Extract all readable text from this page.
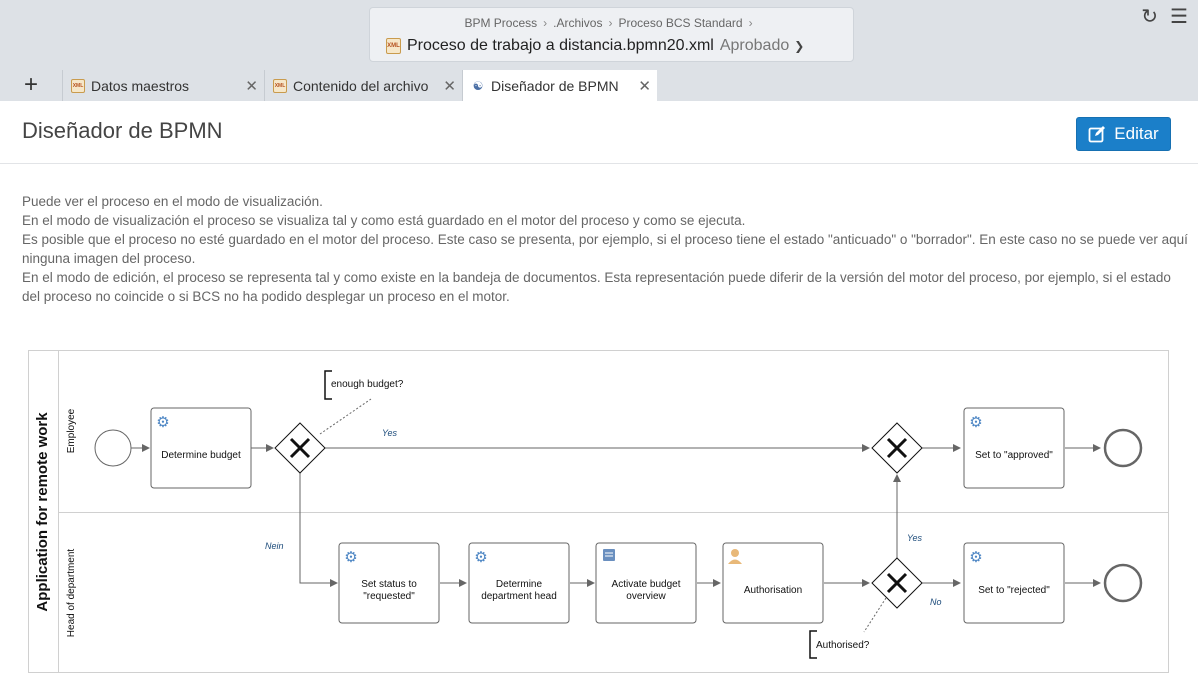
BPM Process › .Archivos › Proceso BCS Standard ›
XML Proceso de trabajo a distancia.bpmn20.xml Aprobado ❯
↻ ☰
+	XML Datos maestros	✕	XML Contenido del archivo ✕ ☯ Diseñador de BPMN ✕
Diseñador de BPMN	Editar
Puede ver el proceso en el modo de visualización.
En el modo de visualización el proceso se visualiza tal y como está guardado en el motor del proceso y como se ejecuta.
Es posible que el proceso no esté guardado en el motor del proceso. Este caso se presenta, por ejemplo, si el proceso tiene el estado "anticuado" o "borrador". En este caso no se puede ver aquí ninguna imagen del proceso.
En el modo de edición, el proceso se representa tal y como existe en la bandeja de documentos. Esta representación puede diferir de la versión del motor del proceso, por ejemplo, si el estado del proceso no coincide o si BCS no ha podido desplegar un proceso en el motor.
Application for remote work Employee
Head of department
enough budget?
Authorised?
Yes
Nein
Yes
No
⚙
Determine budget
⚙
Set status to
"requested"
⚙
Determine
department head
Activate budget
overview
Authorisation
⚙
Set to "approved"
⚙
Set to "rejected"
